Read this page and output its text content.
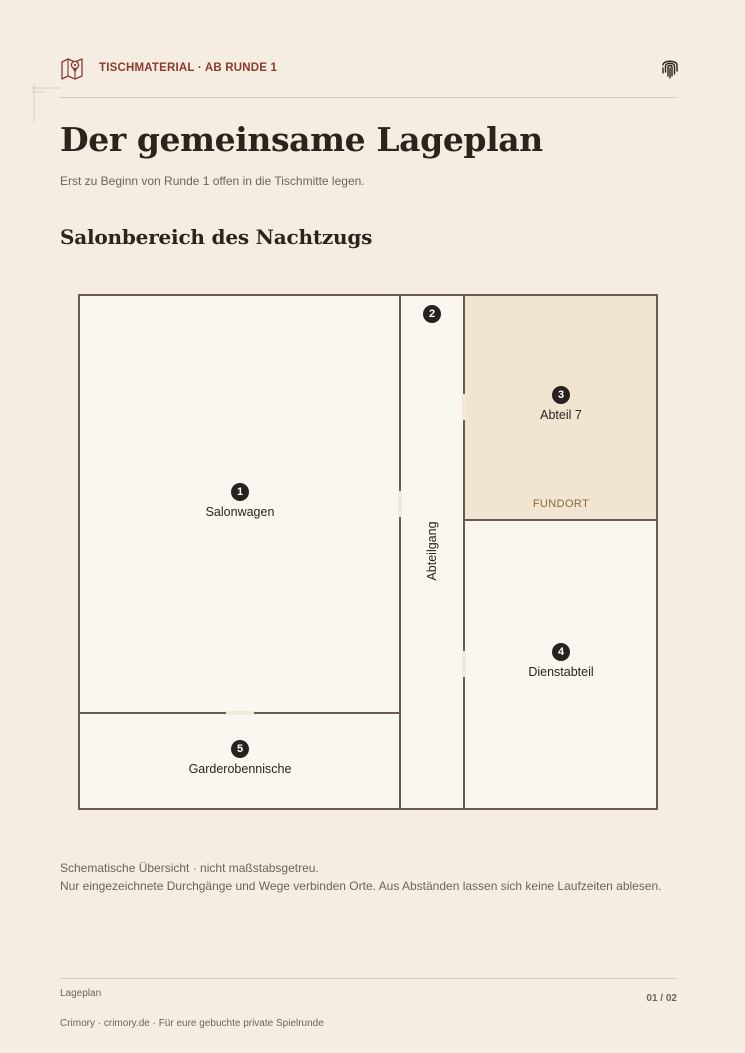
TISCHMATERIAL · AB RUNDE 1
Der gemeinsame Lageplan
Erst zu Beginn von Runde 1 offen in die Tischmitte legen.
Salonbereich des Nachtzugs
1
Salonwagen
2
Abteilgang
3
Abteil 7
FUNDORT
4
Dienstabteil
5
Garderobennische
Schematische Übersicht · nicht maßstabsgetreu.
Nur eingezeichnete Durchgänge und Wege verbinden Orte. Aus Abständen lassen sich keine Laufzeiten ablesen.
Lageplan	01 / 02
Crimory · crimory.de · Für eure gebuchte private Spielrunde
